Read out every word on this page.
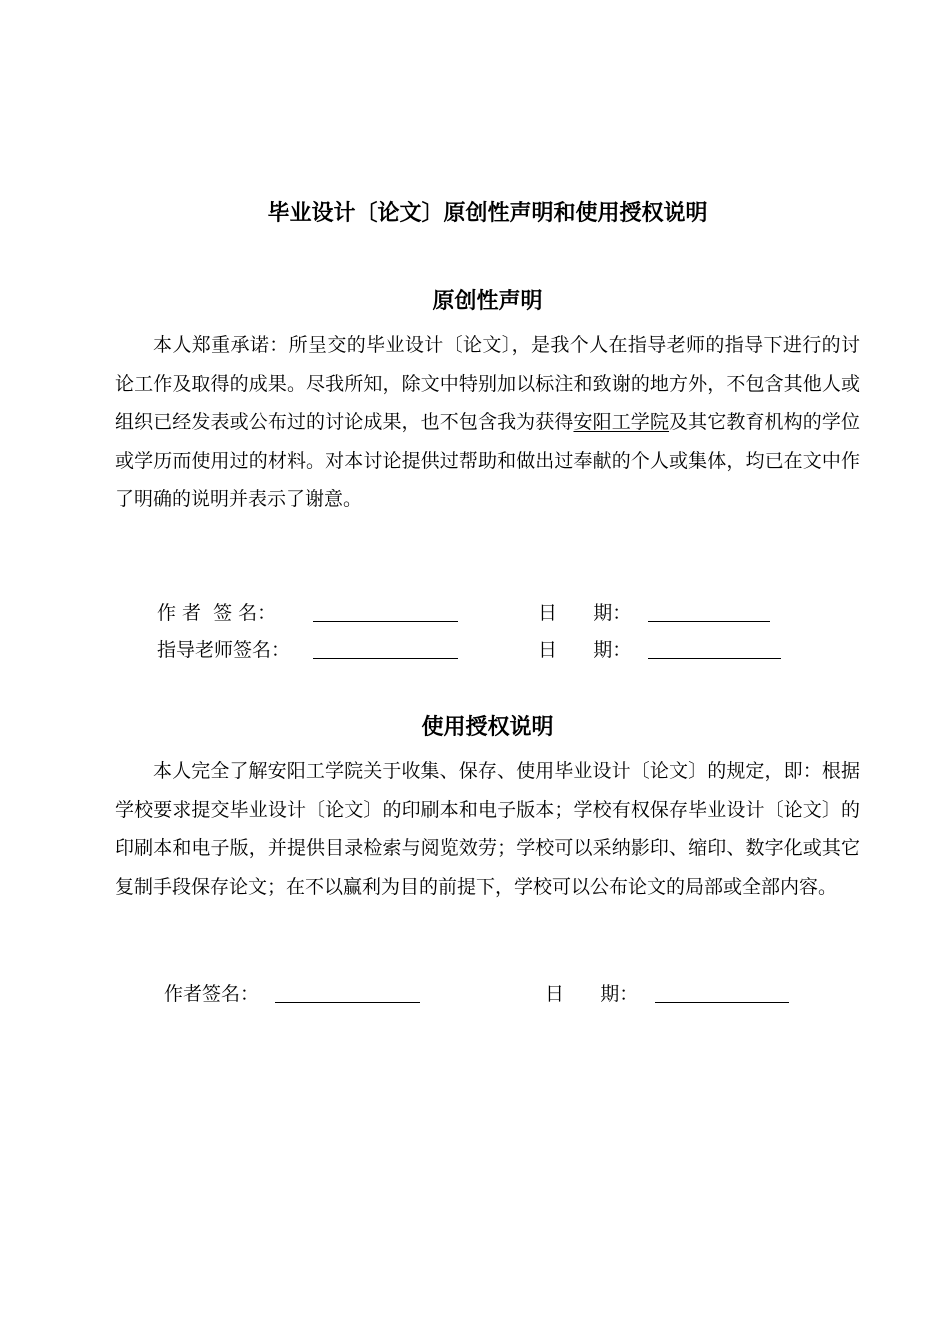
毕业设计〔论文〕原创性声明和使用授权说明
原创性声明

本人郑重承诺：所呈交的毕业设计〔论文〕，是我个人在指导老师的指导下进行的讨论工作及取得的成果。尽我所知，除文中特别加以标注和致谢的地方外，不包含其他人或组织已经发表或公布过的讨论成果，也不包含我为获得安阳工学院及其它教育机构的学位或学历而使用过的材料。对本讨论提供过帮助和做出过奉献的个人或集体，均已在文中作了明确的说明并表示了谢意。

作 者  签 名：	日      期：
指导老师签名：	日      期：
使用授权说明

本人完全了解安阳工学院关于收集、保存、使用毕业设计〔论文〕的规定，即：根据学校要求提交毕业设计〔论文〕的印刷本和电子版本；学校有权保存毕业设计〔论文〕的印刷本和电子版，并提供目录检索与阅览效劳；学校可以采纳影印、缩印、数字化或其它复制手段保存论文；在不以赢利为目的前提下，学校可以公布论文的局部或全部内容。

作者签名：	日      期：
